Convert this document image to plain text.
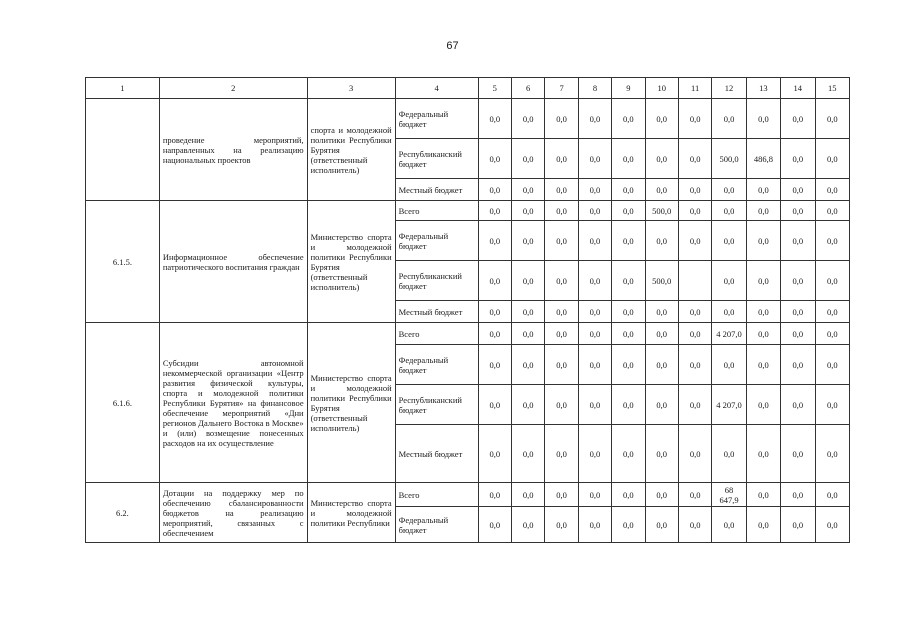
67
1	2	3	4	5	6	7	8	9	10	11	12	13	14	15
	проведение мероприятий, направленных на реализацию национальных проектов	спорта и молодежной политики Республики Бурятия (ответственный исполнитель)	Федеральный бюджет	0,0	0,0	0,0	0,0	0,0	0,0	0,0	0,0	0,0	0,0	0,0
			Республиканский бюджет	0,0	0,0	0,0	0,0	0,0	0,0	0,0	500,0	486,8	0,0	0,0
			Местный бюджет	0,0	0,0	0,0	0,0	0,0	0,0	0,0	0,0	0,0	0,0	0,0
6.1.5.	Информационное обеспечение патриотического воспитания граждан	Министерство спорта и молодежной политики Республики Бурятия (ответственный исполнитель)	Всего	0,0	0,0	0,0	0,0	0,0	500,0	0,0	0,0	0,0	0,0	0,0
			Федеральный бюджет	0,0	0,0	0,0	0,0	0,0	0,0	0,0	0,0	0,0	0,0	0,0
			Республиканский бюджет	0,0	0,0	0,0	0,0	0,0	500,0		0,0	0,0	0,0	0,0
			Местный бюджет	0,0	0,0	0,0	0,0	0,0	0,0	0,0	0,0	0,0	0,0	0,0
6.1.6.	Субсидии автономной некоммерческой организации «Центр развития физической культуры, спорта и молодежной политики Республики Бурятия» на финансовое обеспечение мероприятий «Дни регионов Дальнего Востока в Москве» и (или) возмещение понесенных расходов на их осуществление	Министерство спорта и молодежной политики Республики Бурятия (ответственный исполнитель)	Всего	0,0	0,0	0,0	0,0	0,0	0,0	0,0	4 207,0	0,0	0,0	0,0
			Федеральный бюджет	0,0	0,0	0,0	0,0	0,0	0,0	0,0	0,0	0,0	0,0	0,0
			Республиканский бюджет	0,0	0,0	0,0	0,0	0,0	0,0	0,0	4 207,0	0,0	0,0	0,0
			Местный бюджет	0,0	0,0	0,0	0,0	0,0	0,0	0,0	0,0	0,0	0,0	0,0
6.2.	Дотации на поддержку мер по обеспечению сбалансированности бюджетов на реализацию мероприятий, связанных с обеспечением	Министерство спорта и молодежной политики Республики	Всего	0,0	0,0	0,0	0,0	0,0	0,0	0,0	68 647,9	0,0	0,0	0,0
			Федеральный бюджет	0,0	0,0	0,0	0,0	0,0	0,0	0,0	0,0	0,0	0,0	0,0
